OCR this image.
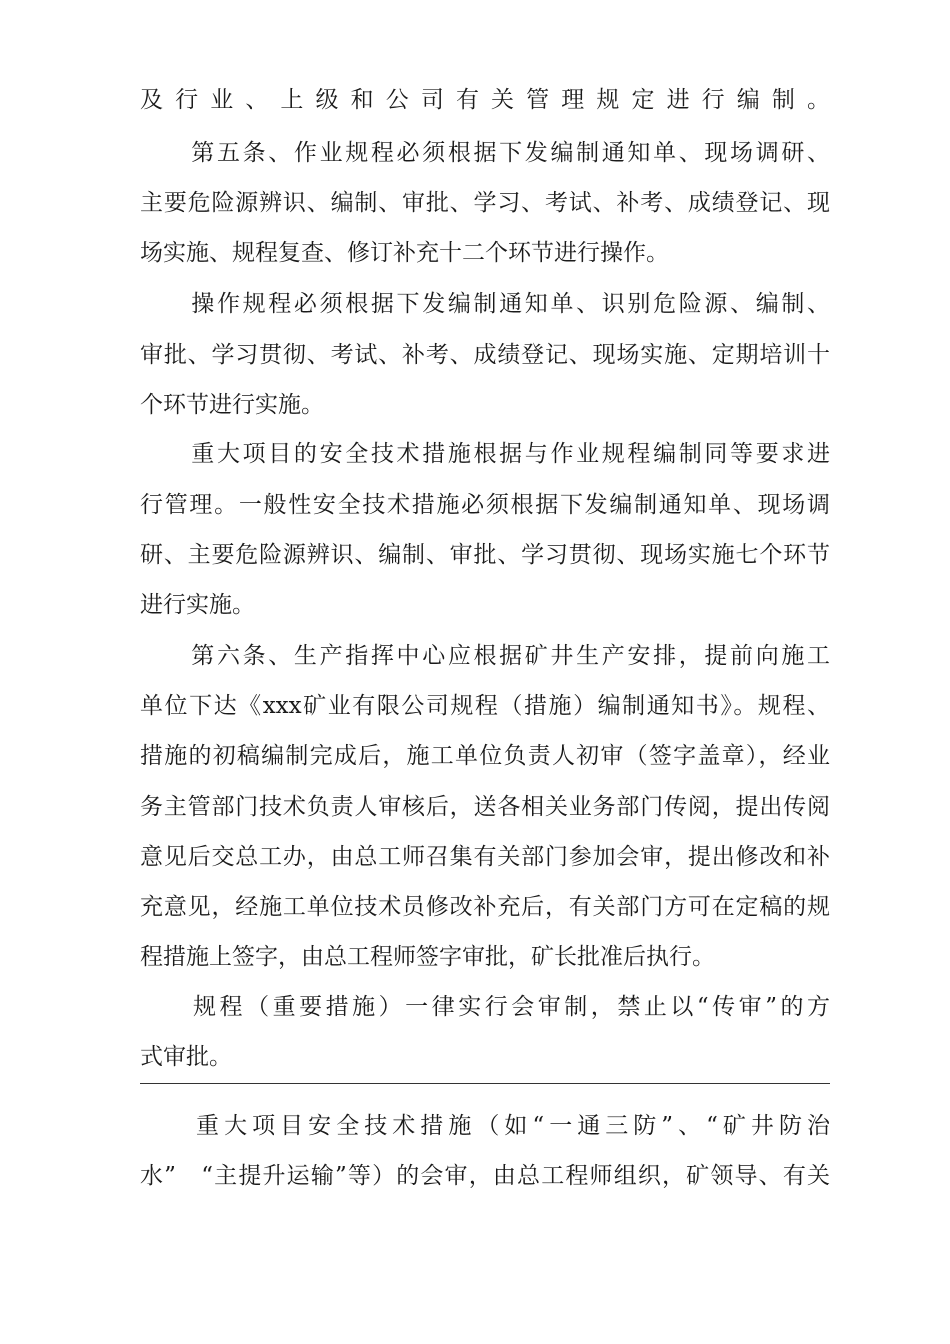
及行业、上级和公司有关管理规定进行编制。
　　第五条、作业规程必须根据下发编制通知单、现场调研、
主要危险源辨识、编制、审批、学习、考试、补考、成绩登记、现
场实施、规程复查、修订补充十二个环节进行操作。
　　操作规程必须根据下发编制通知单、识别危险源、编制、
审批、学习贯彻、考试、补考、成绩登记、现场实施、定期培训十
个环节进行实施。
　　重大项目的安全技术措施根据与作业规程编制同等要求进
行管理。一般性安全技术措施必须根据下发编制通知单、现场调
研、主要危险源辨识、编制、审批、学习贯彻、现场实施七个环节
进行实施。
　　第六条、生产指挥中心应根据矿井生产安排，提前向施工
单位下达《xxx矿业有限公司规程（措施）编制通知书》。规程、
措施的初稿编制完成后，施工单位负责人初审（签字盖章），经业
务主管部门技术负责人审核后，送各相关业务部门传阅，提出传阅
意见后交总工办，由总工师召集有关部门参加会审，提出修改和补
充意见，经施工单位技术员修改补充后，有关部门方可在定稿的规
程措施上签字，由总工程师签字审批，矿长批准后执行。
　　规程（重要措施）一律实行会审制，禁止以“传审”的方
式审批。
　　重大项目安全技术措施（如“一通三防”、“矿井防治
水”　“主提升运输”等）的会审，由总工程师组织，矿领导、有关
